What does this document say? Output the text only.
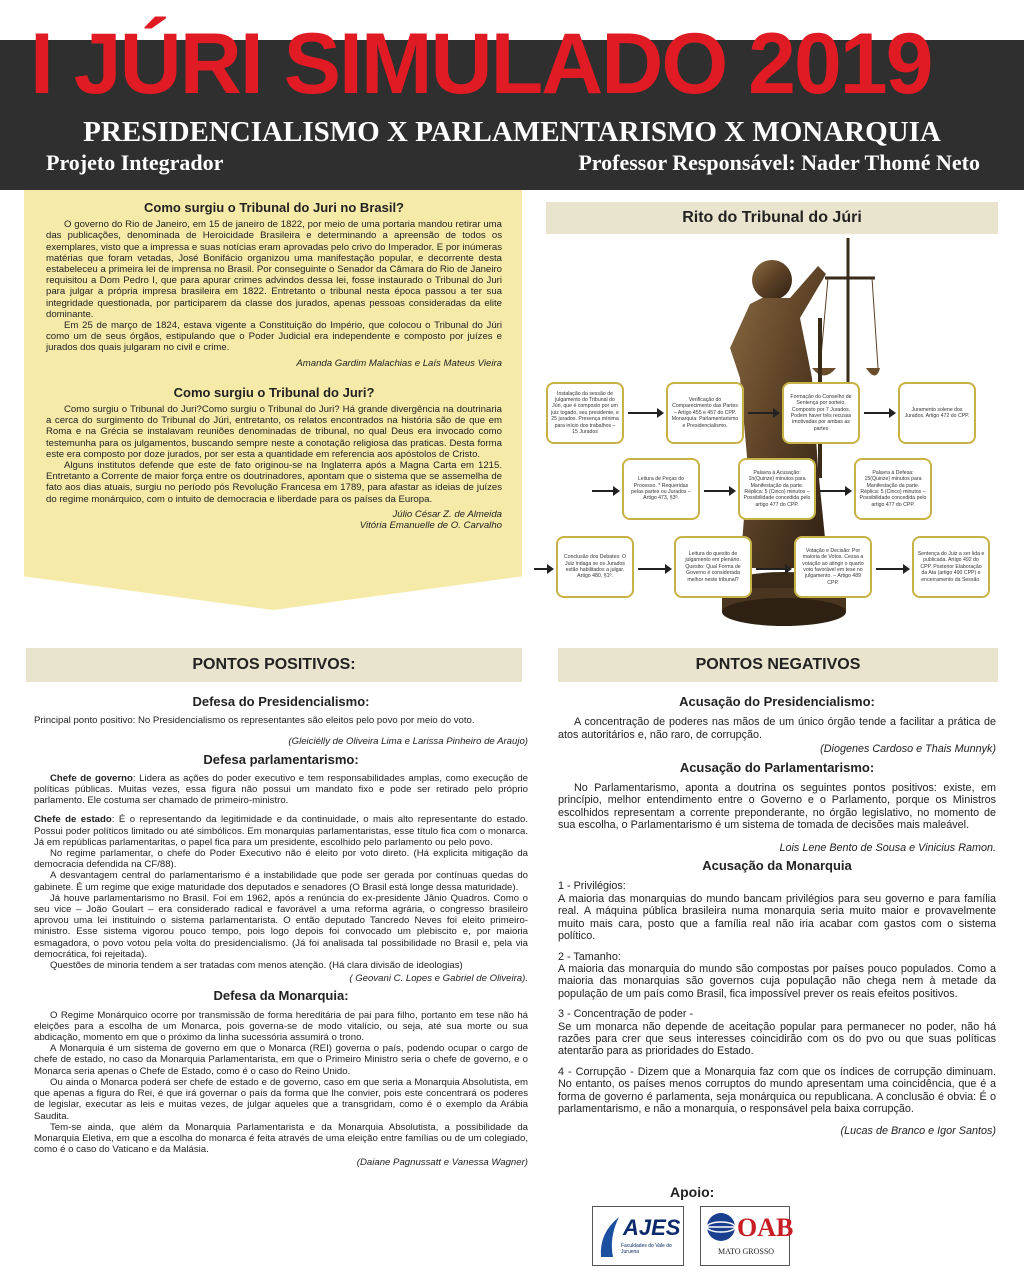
I JÚRI SIMULADO 2019
PRESIDENCIALISMO X PARLAMENTARISMO X MONARQUIA
Projeto Integrador	Professor Responsável: Nader Thomé Neto
Como surgiu o Tribunal do Juri no Brasil?

O governo do Rio de Janeiro, em 15 de janeiro de 1822, por meio de uma portaria mandou retirar uma das publicações, denominada de Heroicidade Brasileira e determinando a apreensão de todos os exemplares, visto que a impressa e suas notícias eram aprovadas pelo crivo do Imperador. E por inúmeras matérias que foram vetadas, José Bonifácio organizou uma manifestação popular, e decorrente desta estabeleceu a primeira lei de imprensa no Brasil. Por conseguinte o Senador da Câmara do Rio de Janeiro requisitou a Dom Pedro I, que para apurar crimes advindos dessa lei, fosse instaurado o Tribunal do Juri para julgar a própria impresa brasileira em 1822. Entretanto o tribunal nesta época passou a ter sua integridade questionada, por participarem da classe dos jurados, apenas pessoas consideradas da elite dominante.

Em 25 de março de 1824, estava vigente a Constituição do Império, que colocou o Tribunal do Júri como um de seus órgãos, estipulando que o Poder Judicial era independente e composto por juízes e jurados dos quais julgaram no civil e crime.

Amanda Gardim Malachias e Laís Mateus Vieira
Como surgiu o Tribunal do Juri?

Como surgiu o Tribunal do Juri?Como surgiu o Tribunal do Juri? Há grande divergência na doutrinaria a cerca do surgimento do Tribunal do Júri, entretanto, os relatos encontrados na história são de que em Roma e na Grécia se instalavam reuniões denominadas de tribunal, no qual Deus era invocado como testemunha para os julgamentos, buscando sempre neste a conotação religiosa das praticas. Desta forma este era composto por doze jurados, por ser esta a quantidade em referencia aos apóstolos de Cristo.

Alguns institutos defende que este de fato originou-se na Inglaterra após a Magna Carta em 1215. Entretanto a Corrente de maior força entre os doutrinadores, apontam que o sistema que se assemelha de fato aos dias atuais, surgiu no período pós Revolução Francesa em 1789, para afastar as ideias de juízes do regime monárquico, com o intuito de democracia e liberdade para os países da Europa.

Júlio César Z. de Almeida
Vitória Emanuelle de O. Carvalho
Rito do Tribunal do Júri
Instalação da sessão de julgamento do Tribunal do Júri, que é composto por um juiz togado, seu presidente, e 25 jurados. Presença mínima para início dos trabalhos – 15 Jurados
Verificação do Comparecimento das Partes – Artigo 455 e 457 do CPP. Monarquia: Parlamentarismo e Presidencialismo.
Formação do Conselho de Sentença por sorteio. Composto por 7 Jurados. Podem haver três recusas imotivadas por ambas as partes
Juramento solene dos Jurados. Artigo 472 do CPP.
Leitura de Peças do Processo. * Requeridas pelas partes ou Jurados – Artigo 473, §3º.
Palavra à Acusação: 1h(Quinze) minutos para Manifestação da parte. Réplica: 5 (Cinco) minutos – Possibilidade concedida pelo artigo 477 do CPP.
Palavra à Defesa: 15(Quinze) minutos para Manifestação da parte. Réplica: 5 (Cinco) minutos – Possibilidade concedida pelo artigo 477 do CPP.
Conclusão dos Debates: O Juiz indaga se os Jurados estão habilitados a julgar. Artigo 480, §1º.
Leitura do quesito de julgamento em plenário. Quesito: Qual Forma de Governo é considerada melhor neste tribunal?
Votação e Decisão: Por maioria de Votos. Cessa a votação ao atingir o quarto voto favorável em tese no julgamento. – Artigo 489 CPP.
Sentença do Juiz a ser lida e publicada. Artigo 492 do CPP. Posterior Elaboração da Ata (artigo 490 CPP) e encerramento da Sessão.
PONTOS POSITIVOS:	PONTOS NEGATIVOS
Defesa do Presidencialismo:

Principal ponto positivo: No Presidencialismo os representantes são eleitos pelo povo por meio do voto.

(Gleiciélly de Oliveira Lima e Larissa Pinheiro de Araujo)
Defesa parlamentarismo:

Chefe de governo: Lidera as ações do poder executivo e tem responsabilidades amplas, como execução de políticas públicas. Muitas vezes, essa figura não possui um mandato fixo e pode ser retirado pelo próprio parlamento. Ele costuma ser chamado de primeiro-ministro.

Chefe de estado: É o representando da legitimidade e da continuidade, o mais alto representante do estado. Possui poder políticos limitado ou até simbólicos. Em monarquias parlamentaristas, esse título fica com o monarca. Já em repúblicas parlamentaritas, o papel fica para um presidente, escolhido pelo parlamento ou pelo povo.

No regime parlamentar, o chefe do Poder Executivo não é eleito por voto direto. (Há explicita mitigação da democracia defendida na CF/88).

A desvantagem central do parlamentarismo é a instabilidade que pode ser gerada por contínuas quedas do gabinete. É um regime que exige maturidade dos deputados e senadores (O Brasil está longe dessa maturidade).

Já houve parlamentarismo no Brasil. Foi em 1962, após a renúncia do ex-presidente Jânio Quadros. Como o seu vice – João Goulart – era considerado radical e favorável a uma reforma agrária, o congresso brasileiro aprovou uma lei instituindo o sistema parlamentarista. O então deputado Tancredo Neves foi eleito primeiro-ministro. Esse sistema vigorou pouco tempo, pois logo depois foi convocado um plebiscito e, por maioria esmagadora, o povo votou pela volta do presidencialismo. (Já foi analisada tal possibilidade no Brasil e, pela via democrática, foi rejeitada).

Questões de minoria tendem a ser tratadas com menos atenção. (Há clara divisão de ideologias)

( Geovani C. Lopes e Gabriel de Oliveira).
Defesa da Monarquia:

O Regime Monárquico ocorre por transmissão de forma hereditária de pai para filho, portanto em tese não há eleições para a escolha de um Monarca, pois governa-se de modo vitalício, ou seja, até sua morte ou sua abdicação, momento em que o próximo da linha sucessória assumirá o trono.

A Monarquia é um sistema de governo em que o Monarca (REI) governa o país, podendo ocupar o cargo de chefe de estado, no caso da Monarquia Parlamentarista, em que o Primeiro Ministro seria o chefe de governo, e o Monarca seria apenas o Chefe de Estado, como é o caso do Reino Unido.

Ou ainda o Monarca poderá ser chefe de estado e de governo, caso em que seria a Monarquia Absolutista, em que apenas a figura do Rei, é que irá governar o país da forma que lhe convier, pois este concentrará os poderes de legislar, executar as leis e muitas vezes, de julgar aqueles que a transgridam, como é o exemplo da Arábia Saudita.

Tem-se ainda, que além da Monarquia Parlamentarista e da Monarquia Absolutista, a possibilidade da Monarquia Eletiva, em que a escolha do monarca é feita através de uma eleição entre famílias ou de um colegiado, como é o caso do Vaticano e da Malásia.

(Daiane Pagnussatt e Vanessa Wagner)
Acusação do Presidencialismo:

A concentração de poderes nas mãos de um único órgão tende a facilitar a prática de atos autoritários e, não raro, de corrupção.

(Diogenes Cardoso e Thais Munnyk)
Acusação do Parlamentarismo:

No Parlamentarismo, aponta a doutrina os seguintes pontos positivos: existe, em princípio, melhor entendimento entre o Governo e o Parlamento, porque os Ministros escolhidos representam a corrente preponderante, no órgão legislativo, no momento de sua escolha, o Parlamentarismo é um sistema de tomada de decisões mais maleável.

Lois Lene Bento de Sousa e Vinicius Ramon.
Acusação da Monarquia

1 - Privilégios:

A maioria das monarquias do mundo bancam privilégios para seu governo e para família real. A máquina pública brasileira numa monarquia seria muito maior e provavelmente muito mais cara, posto que a família real não iria acabar com gastos com o sistema político.

2 - Tamanho:

A maioria das monarquia do mundo são compostas por países pouco populados. Como a maioria das monarquias são governos cuja população não chega nem à metade da população de um país como Brasil, fica impossível prever os reais efeitos positivos.

3 - Concentração de poder -

Se um monarca não depende de aceitação popular para permanecer no poder, não há razões para crer que seus interesses coincidirão com os do pvo ou que suas políticas atentarão para as prioridades do Estado.

4 - Corrupção - Dizem que a Monarquia faz com que os índices de corrupção diminuam. No entanto, os países menos corruptos do mundo apresentam uma coincidência, que é a forma de governo é parlamenta, seja monárquica ou republicana. A conclusão é obvia: É o parlamentarismo, e não a monarquia, o responsável pela baixa corrupção.

(Lucas de Branco e Igor Santos)
Apoio:
AJES
Faculdades do Vale do Juruena
OAB
MATO GROSSO
